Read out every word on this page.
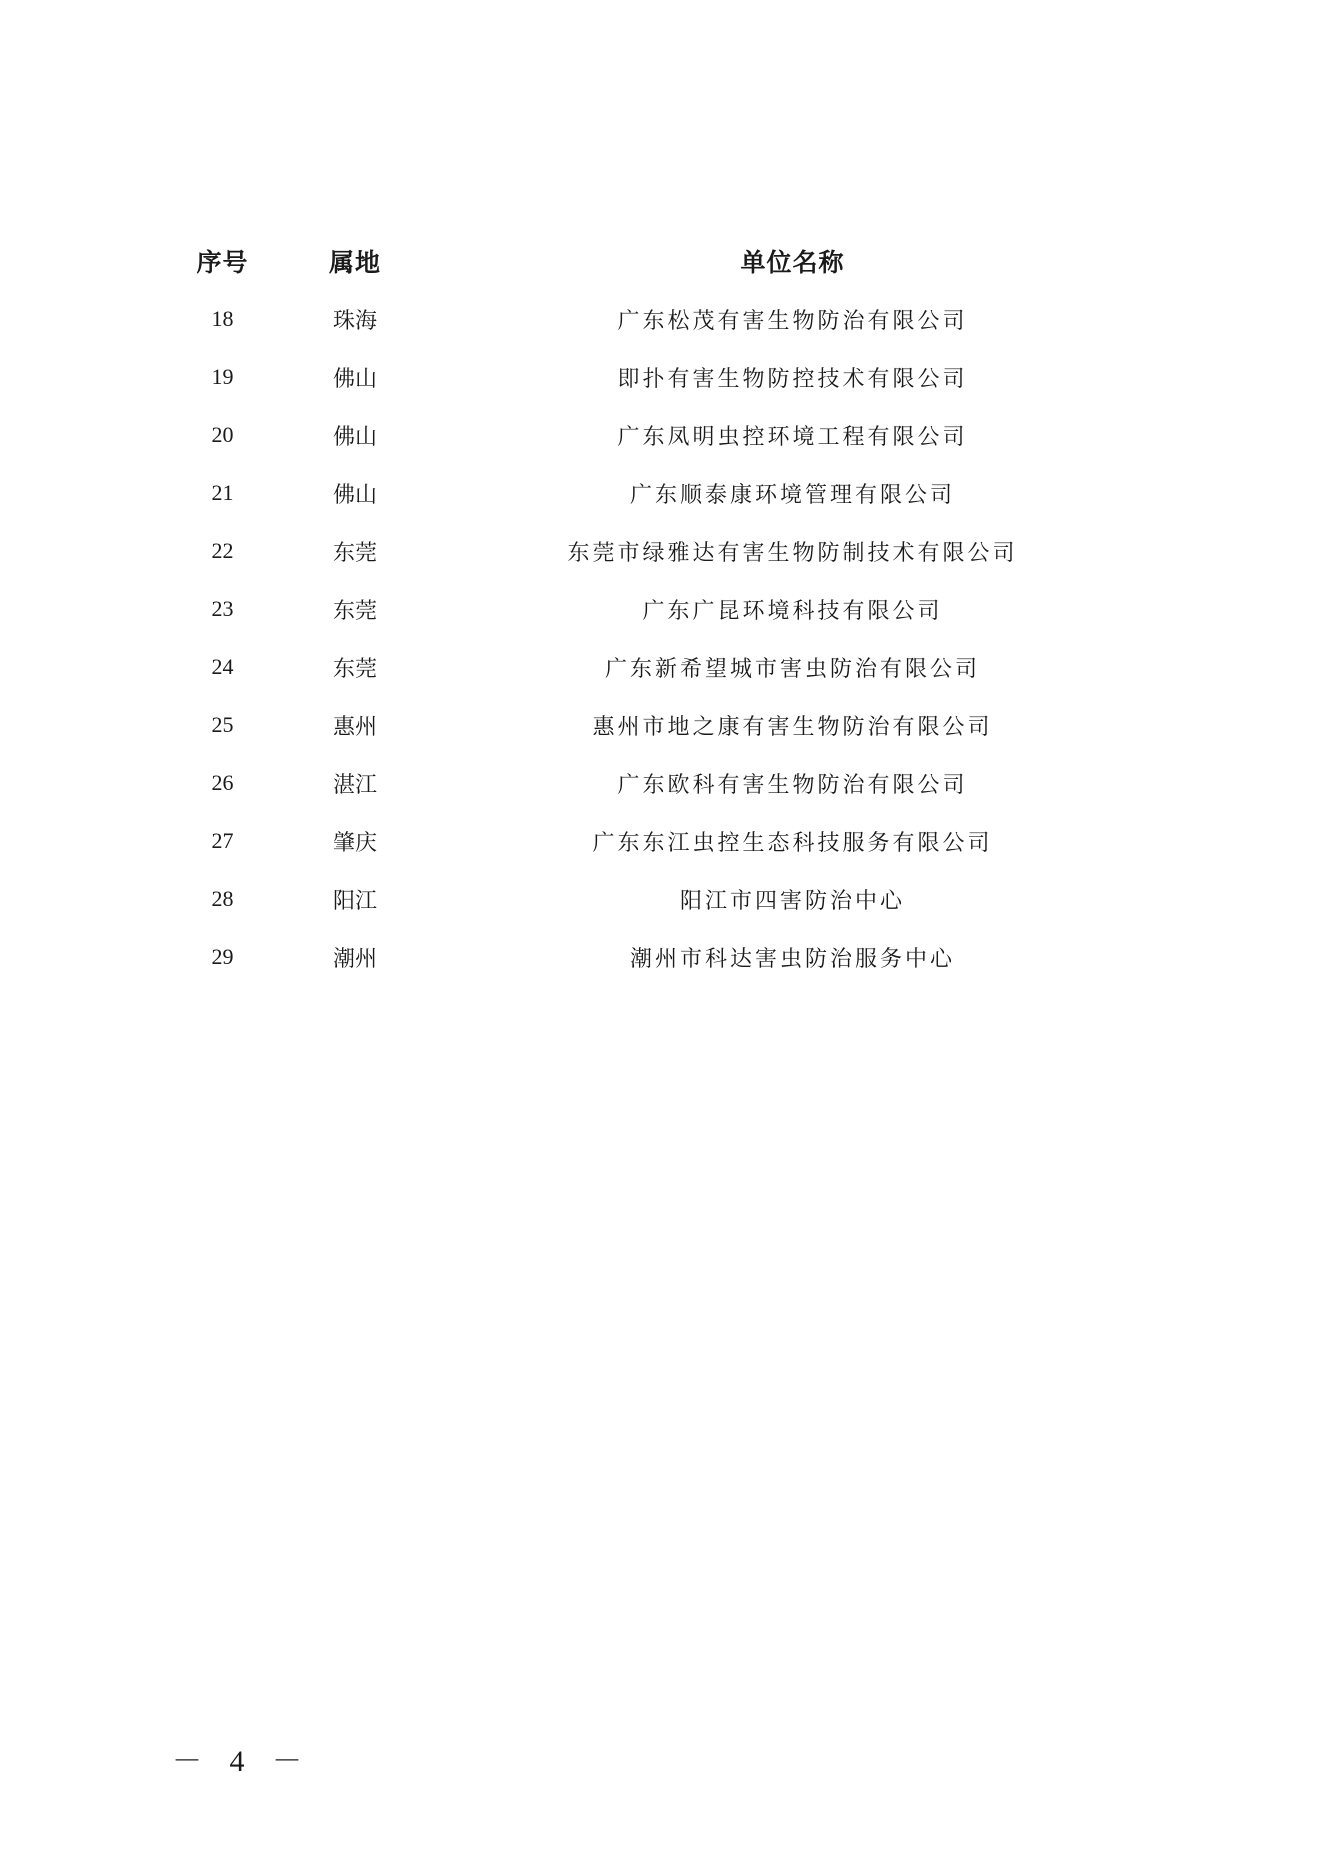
序号	属地	单位名称
18	珠海	广东松茂有害生物防治有限公司
19	佛山	即扑有害生物防控技术有限公司
20	佛山	广东凤明虫控环境工程有限公司
21	佛山	广东顺泰康环境管理有限公司
22	东莞	东莞市绿雅达有害生物防制技术有限公司
23	东莞	广东广昆环境科技有限公司
24	东莞	广东新希望城市害虫防治有限公司
25	惠州	惠州市地之康有害生物防治有限公司
26	湛江	广东欧科有害生物防治有限公司
27	肇庆	广东东江虫控生态科技服务有限公司
28	阳江	阳江市四害防治中心
29	潮州	潮州市科达害虫防治服务中心
－ 4 －
